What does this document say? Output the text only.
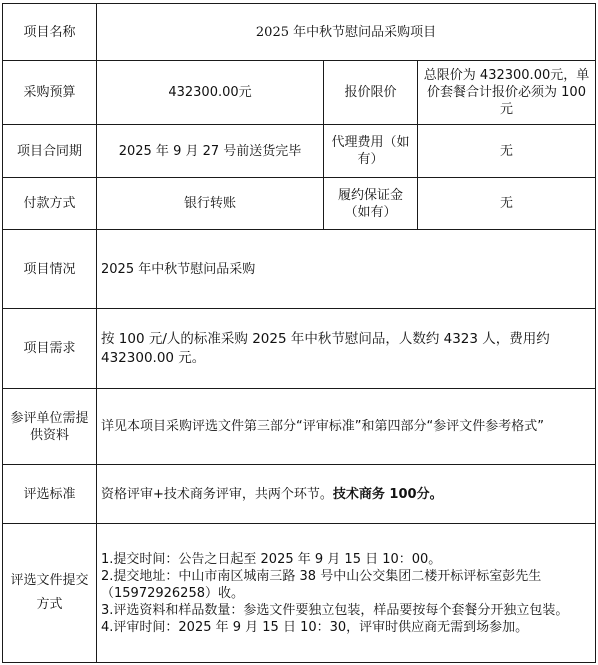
项目名称	2025 年中秋节慰问品采购项目		
采购预算	432300.00元	报价限价	总限价为 432300.00元，单价套餐合计报价必须为 100元
项目合同期	2025 年 9 月 27 号前送货完毕	代理费用（如有）	无
付款方式	银行转账	履约保证金（如有）	无
项目情况	2025 年中秋节慰问品采购		
项目需求	按 100 元/人的标准采购 2025 年中秋节慰问品，人数约 4323 人，费用约 432300.00 元。		
参评单位需提供资料	详见本项目采购评选文件第三部分“评审标准”和第四部分“参评文件参考格式”		
评选标准	资格评审+技术商务评审，共两个环节。技术商务 100分。		
评选文件提交方式	1.提交时间：公告之日起至 2025 年 9 月 15 日 10：00。
2.提交地址：中山市南区城南三路 38 号中山公交集团二楼开标评标室彭先生（15972926258）收。
3.评选资料和样品数量：参选文件要独立包装，样品要按每个套餐分开独立包装。
4.评审时间：2025 年 9 月 15 日 10：30，评审时供应商无需到场参加。		
